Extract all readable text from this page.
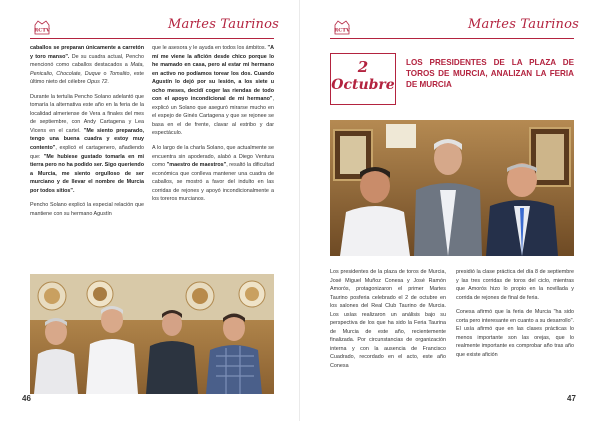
RCTV	Martes Taurinos

caballos se preparan únicamente a carretón y toro manso". De su cuadra actual, Pencho mencionó como caballos destacados a Mata, Penicalio, Chocolate, Duque o Tomalito, este último nieto del célebre Opus 72.

Durante la tertulia Pencho Solano adelantó que tomaría la alternativa este año en la feria de la localidad almeriense de Vera a finales del mes de septiembre, con Andy Cartagena y Lea Vicens en el cartel. "Me siento preparado, tengo una buena cuadra y estoy muy contento", explicó el cartagenero, añadiendo que: "Me hubiese gustado tomarla en mi tierra pero no ha podido ser. Sigo queriendo a Murcia, me siento orgulloso de ser murciano y de llevar el nombre de Murcia por todos sitios".

Pencho Solano explicó la especial relación que mantiene con su hermano Agustín

que le asesora y le ayuda en todos los ámbitos. "A mí me viene la afición desde chico porque lo he mamado en casa, pero al estar mi hermano en activo no podíamos torear los dos. Cuando Agustín lo dejó por su lesión, a los siete u ocho meses, decidí coger las riendas de todo con el apoyo incondicional de mi hermano", explicó un Solano que aseguró mirarse mucho en el espejo de Ginés Cartagena y que se rejonee se basa en el de frente, clavar al estribo y dar espectáculo.

A lo largo de la charla Solano, que actualmente se encuentra sin apoderado, alabó a Diego Ventura como "maestro de maestros", resaltó la dificultad económica que conlleva mantener una cuadra de caballos, se mostró a favor del indulto en las corridas de rejones y apoyó incondicionalmente a los toreros murcianos.

46
RCTV	Martes Taurinos
2
Octubre
LOS PRESIDENTES DE LA PLAZA DE TOROS DE MURCIA, ANALIZAN LA FERIA DE MURCIA

Los presidentes de la plaza de toros de Murcia, José Miguel Muñoz Conesa y José Ramón Amorós, protagonizaron el primer Martes Taurino posferia celebrado el 2 de octubre en los salones del Real Club Taurino de Murcia. Los usías realizaron un análisis bajo su perspectiva de los que ha sido la Feria Taurina de Murcia de este año, recientemente finalizada. Por circunstancias de organización interna y con la ausencia de Francisco Cuadrado, recordado en el acto, este año Conesa

presidió la clase práctica del día 8 de septiembre y las tres corridas de toros del ciclo, mientras que Amorós hizo lo propio en la novillada y corrida de rejones de final de feria.

Conesa afirmó que la feria de Murcia "ha sido corta pero interesante en cuanto a su desarrollo". El usía afirmó que en las clases prácticas lo menos importante son las orejas, que lo realmente importante es comprobar año tras año que existe afición

47
